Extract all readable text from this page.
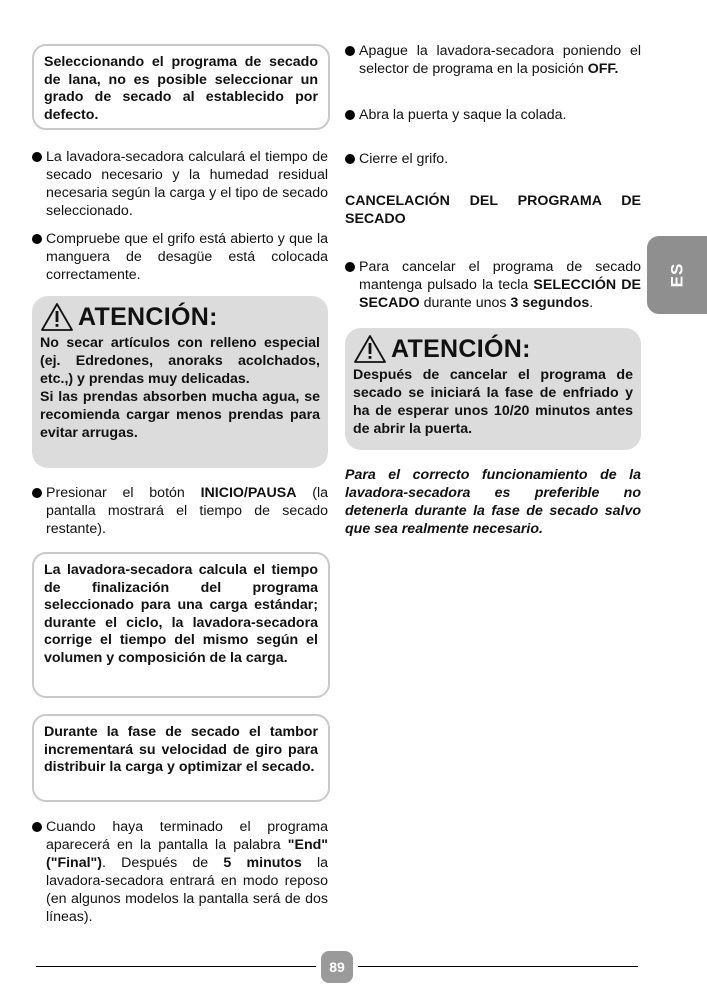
Seleccionando el programa de secado de lana, no es posible seleccionar un grado de secado al establecido por defecto.
La lavadora-secadora calculará el tiempo de secado necesario y la humedad residual necesaria según la carga y el tipo de secado seleccionado.
Compruebe que el grifo está abierto y que la manguera de desagüe está colocada correctamente.
ATENCIÓN:
No secar artículos con relleno especial (ej. Edredones, anoraks acolchados, etc.,) y prendas muy delicadas.
Si las prendas absorben mucha agua, se recomienda cargar menos prendas para evitar arrugas.
Presionar el botón INICIO/PAUSA (la pantalla mostrará el tiempo de secado restante).
La lavadora-secadora calcula el tiempo de finalización del programa seleccionado para una carga estándar; durante el ciclo, la lavadora-secadora corrige el tiempo del mismo según el volumen y composición de la carga.
Durante la fase de secado el tambor incrementará su velocidad de giro para distribuir la carga y optimizar el secado.
Cuando haya terminado el programa aparecerá en la pantalla la palabra "End" ("Final"). Después de 5 minutos la lavadora-secadora entrará en modo reposo (en algunos modelos la pantalla será de dos líneas).
Apague la lavadora-secadora poniendo el selector de programa en la posición OFF.
Abra la puerta y saque la colada.
Cierre el grifo.
CANCELACIÓN DEL PROGRAMA DE
SECADO
Para cancelar el programa de secado mantenga pulsado la tecla SELECCIÓN DE SECADO durante unos 3 segundos.
ATENCIÓN:
Después de cancelar el programa de secado se iniciará la fase de enfriado y ha de esperar unos 10/20 minutos antes de abrir la puerta.
Para el correcto funcionamiento de la lavadora-secadora es preferible no detenerla durante la fase de secado salvo que sea realmente necesario.
ES
89
